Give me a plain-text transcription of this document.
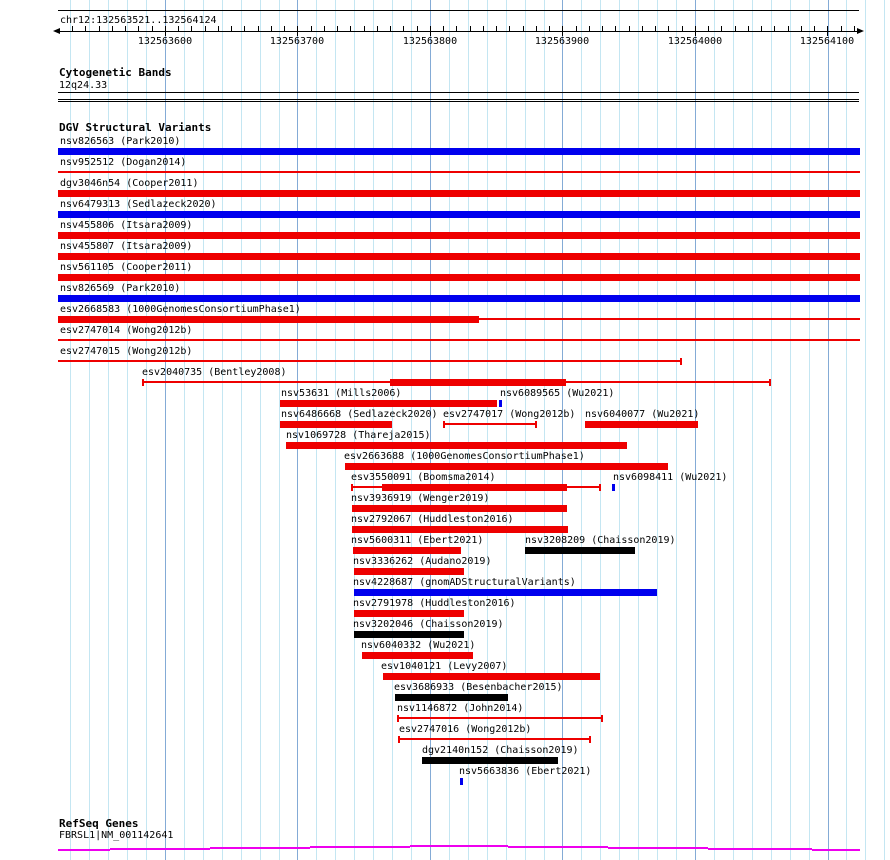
chr12:132563521..132564124
132563600	132563700	132563800	132563900	132564000	132564100
Cytogenetic Bands
12q24.33
DGV Structural Variants
nsv826563 (Park2010)
nsv952512 (Dogan2014)
dgv3046n54 (Cooper2011)
nsv6479313 (Sedlazeck2020)
nsv455806 (Itsara2009)
nsv455807 (Itsara2009)
nsv561105 (Cooper2011)
nsv826569 (Park2010)
esv2668583 (1000GenomesConsortiumPhase1)
esv2747014 (Wong2012b)
esv2747015 (Wong2012b)
esv2040735 (Bentley2008)
nsv53631 (Mills2006)	nsv6089565 (Wu2021)
nsv6486668 (Sedlazeck2020) esv2747017 (Wong2012b) nsv6040077 (Wu2021)
nsv1069728 (Thareja2015)
esv2663688 (1000GenomesConsortiumPhase1)
esv3550091 (Boomsma2014)	nsv6098411 (Wu2021)
nsv3936919 (Wenger2019)
nsv2792067 (Huddleston2016)
nsv5600311 (Ebert2021)	nsv3208209 (Chaisson2019)
nsv3336262 (Audano2019)
nsv4228687 (gnomADStructuralVariants)
nsv2791978 (Huddleston2016)
nsv3202046 (Chaisson2019)
nsv6040332 (Wu2021)
esv1040121 (Levy2007)
esv3686933 (Besenbacher2015)
nsv1146872 (John2014)
esv2747016 (Wong2012b)
dgv2140n152 (Chaisson2019)
nsv5663836 (Ebert2021)
RefSeq Genes
FBRSL1|NM_001142641
